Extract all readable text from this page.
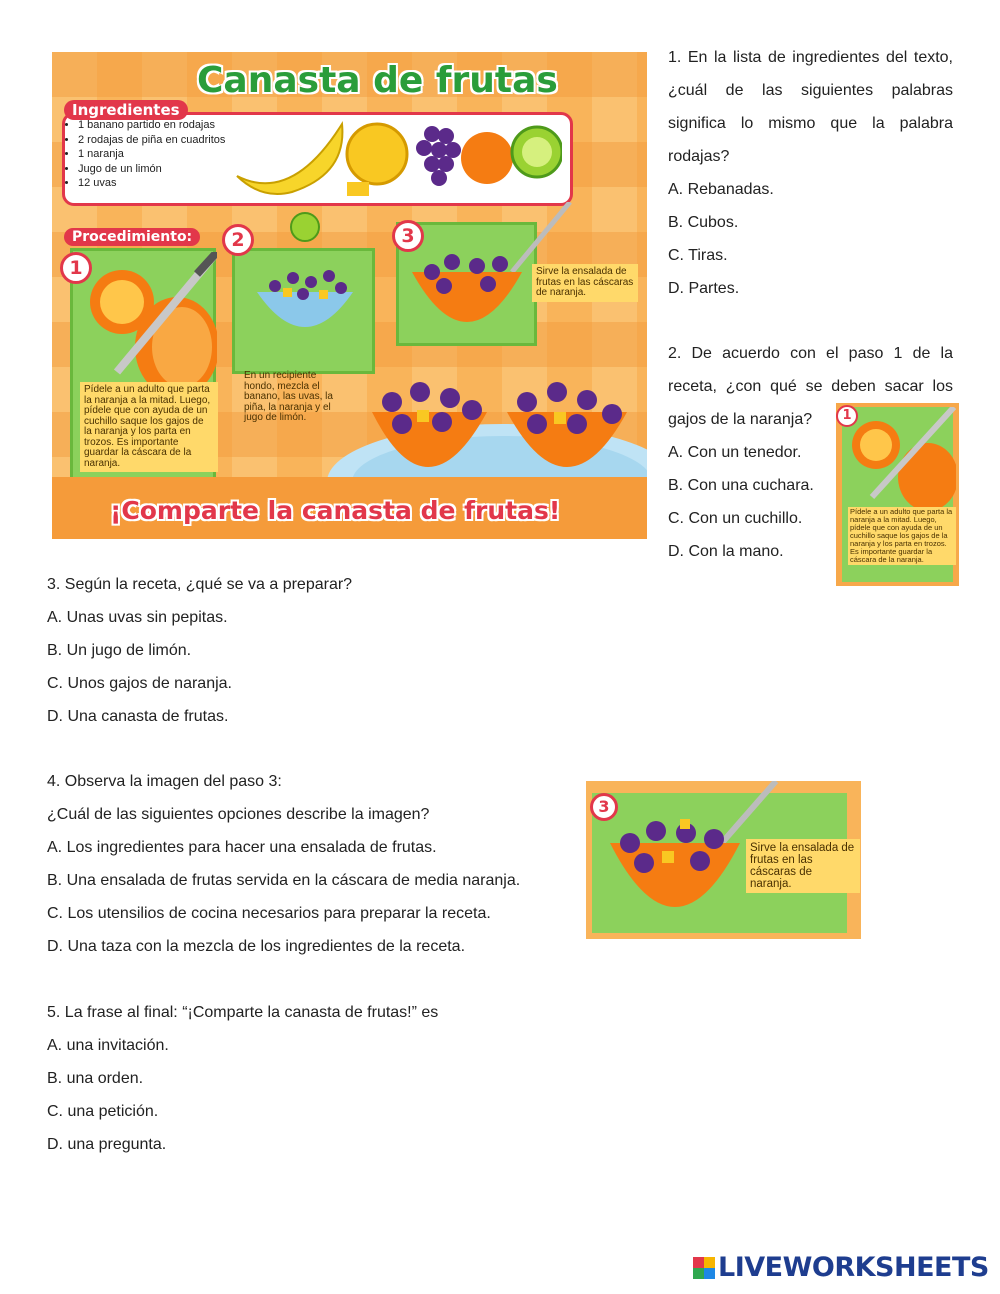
Canasta de frutas
Ingredientes
• 1 banano partido en rodajas
• 2 rodajas de piña en cuadritos
• 1 naranja
• Jugo de un limón
• 12 uvas
Procedimiento:
1
Pídele a un adulto que parta la naranja a la mitad. Luego, pídele que con ayuda de un cuchillo saque los gajos de la naranja y los parta en trozos. Es importante guardar la cáscara de la naranja.
2
En un recipiente hondo, mezcla el banano, las uvas, la piña, la naranja y el jugo de limón.
3
Sirve la ensalada de frutas en las cáscaras de naranja.
¡Comparte la canasta de frutas!
1. En la lista de ingredientes del texto,
¿cuál de las siguientes palabras
significa lo mismo que la palabra
rodajas?
A. Rebanadas.
B. Cubos.
C. Tiras.
D. Partes.
2. De acuerdo con el paso 1 de la
receta, ¿con qué se deben sacar los
gajos de la naranja?
A. Con un tenedor.
B. Con una cuchara.
C. Con un cuchillo.
D. Con la mano.
1
Pídele a un adulto que parta la naranja a la mitad. Luego, pídele que con ayuda de un cuchillo saque los gajos de la naranja y los parta en trozos. Es importante guardar la cáscara de la naranja.
3. Según la receta, ¿qué se va a preparar?
A. Unas uvas sin pepitas.
B. Un jugo de limón.
C. Unos gajos de naranja.
D. Una canasta de frutas.
4. Observa la imagen del paso 3:
¿Cuál de las siguientes opciones describe la imagen?
A. Los ingredientes para hacer una ensalada de frutas.
B. Una ensalada de frutas servida en la cáscara de media naranja.
C. Los utensilios de cocina necesarios para preparar la receta.
D. Una taza con la mezcla de los ingredientes de la receta.
3
Sirve la ensalada de frutas en las cáscaras de naranja.
5. La frase al final: “¡Comparte la canasta de frutas!” es
A. una invitación.
B. una orden.
C. una petición.
D. una pregunta.
LIVEWORKSHEETS
